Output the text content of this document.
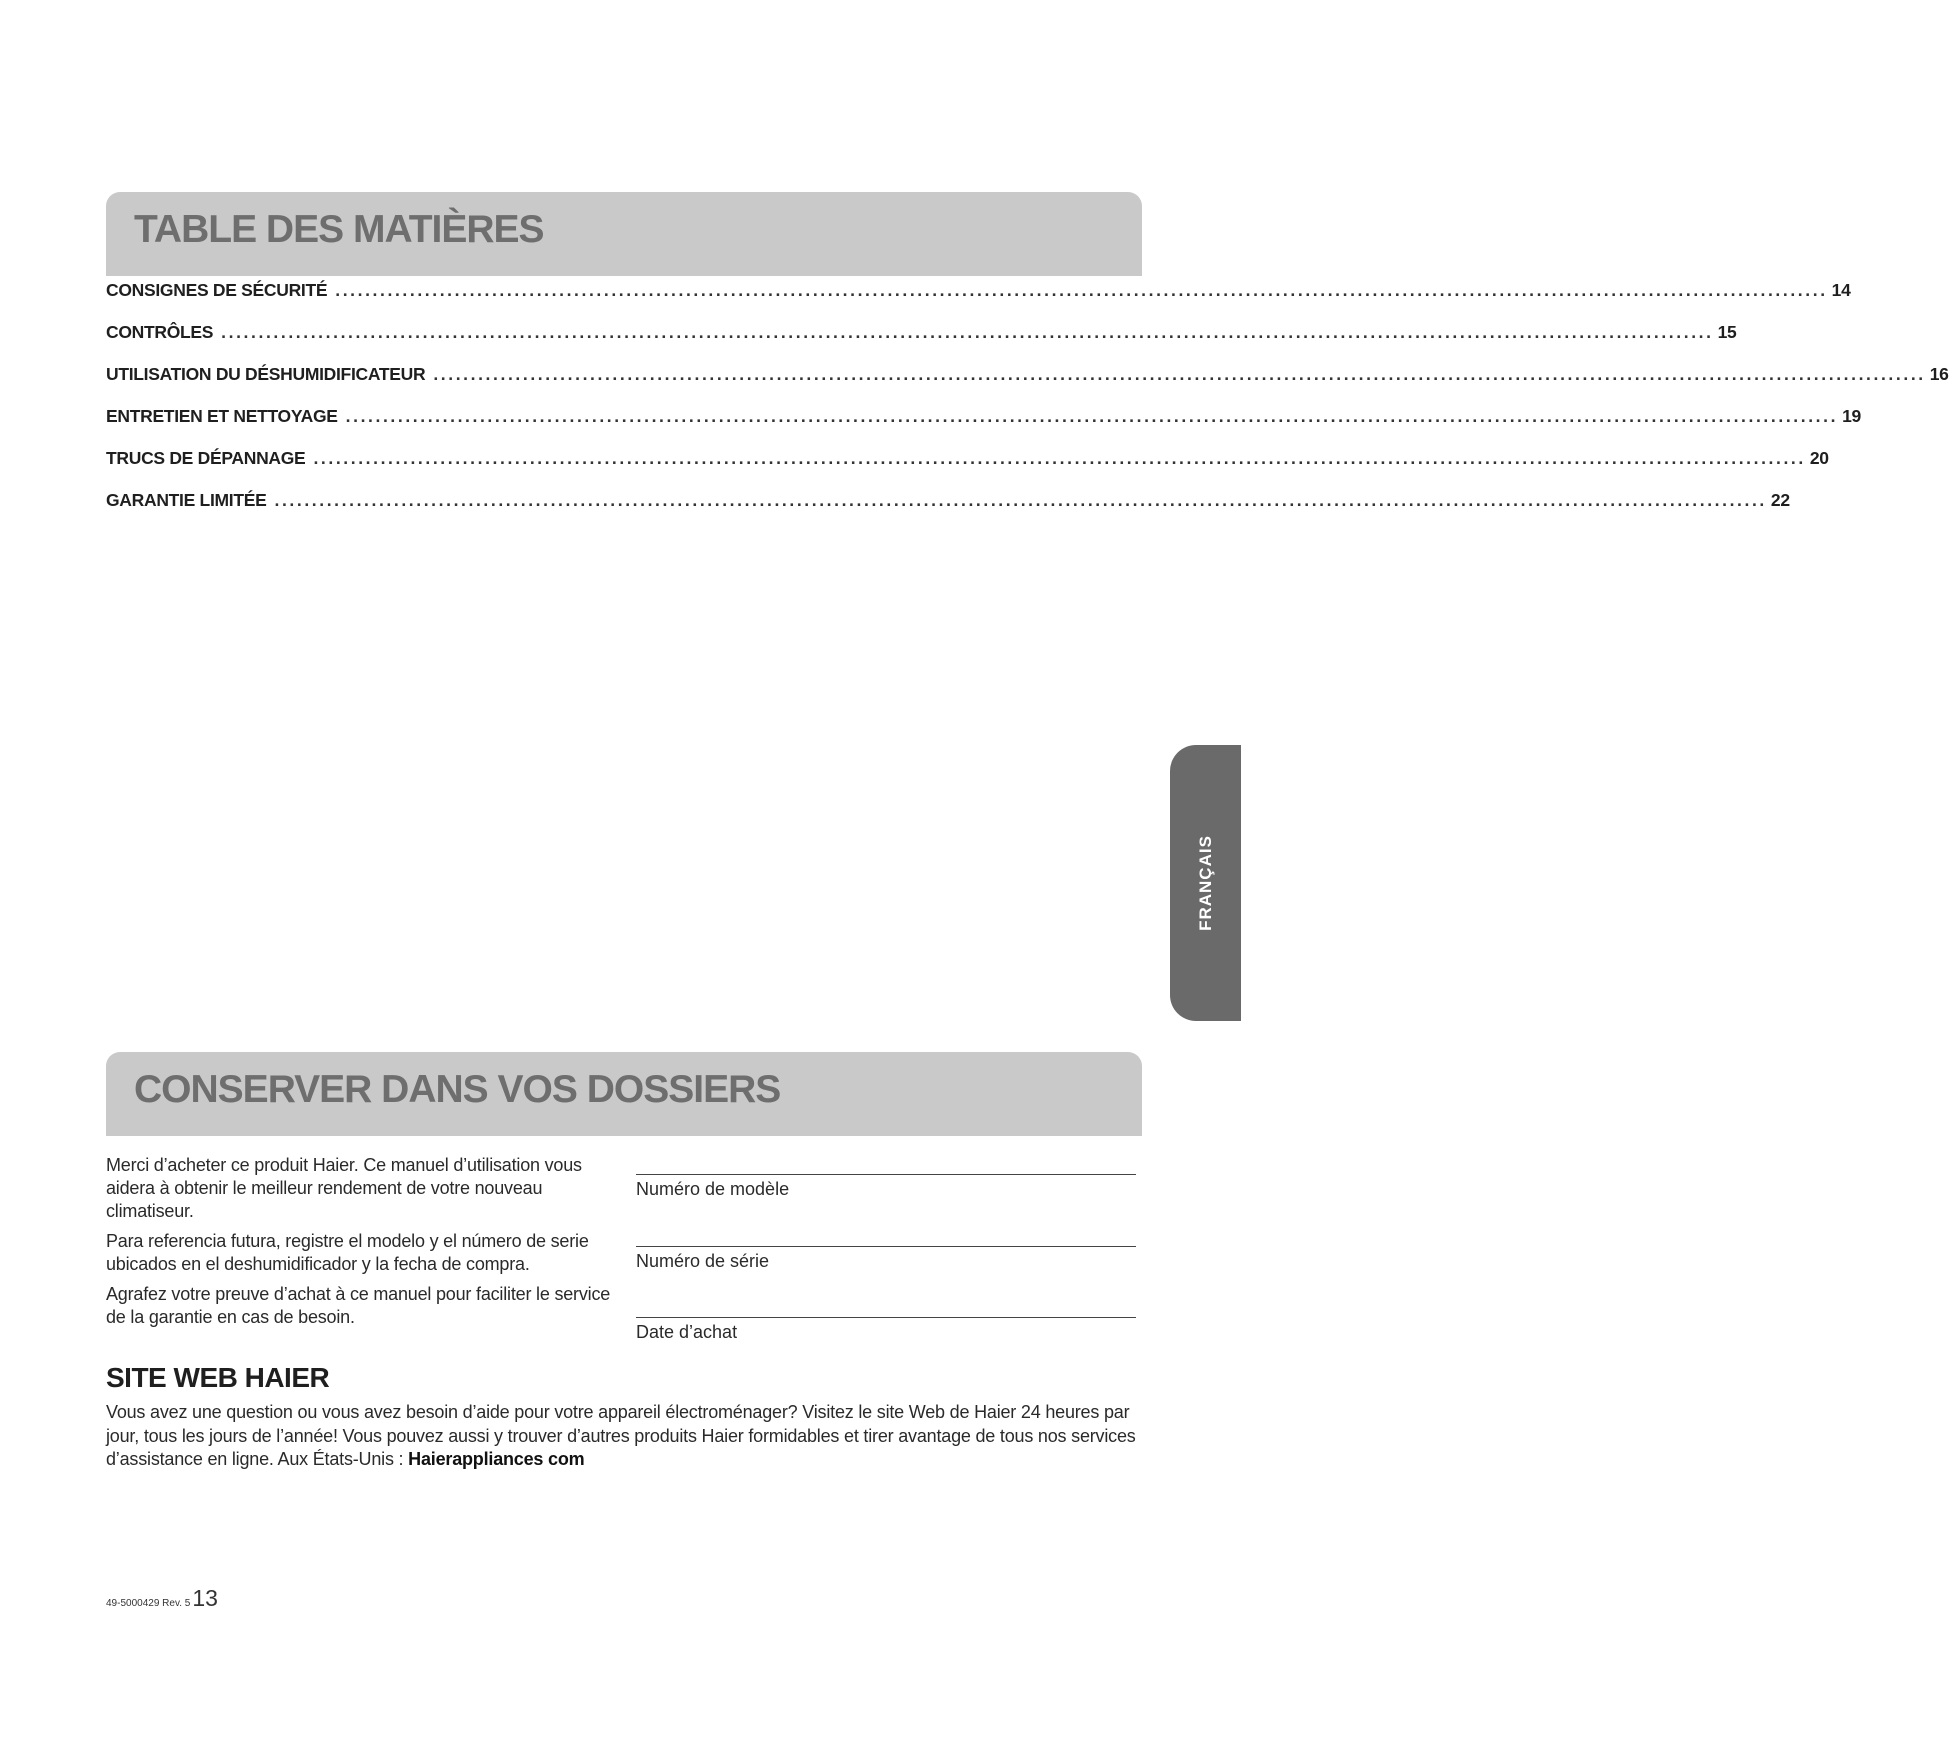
TABLE DES MATIÈRES
CONSIGNES DE SÉCURITÉ ........................................................................................................................................................................................................ 14
CONTRÔLES ........................................................................................................................................................................................................ 15
UTILISATION DU DÉSHUMIDIFICATEUR ........................................................................................................................................................................................................ 16
ENTRETIEN ET NETTOYAGE ........................................................................................................................................................................................................ 19
TRUCS DE DÉPANNAGE ........................................................................................................................................................................................................ 20
GARANTIE LIMITÉE ........................................................................................................................................................................................................ 22
FRANÇAIS
CONSERVER DANS VOS DOSSIERS

Merci d’acheter ce produit Haier. Ce manuel d’utilisation vous aidera à obtenir le meilleur rendement de votre nouveau climatiseur.

Para referencia futura, registre el modelo y el número de serie ubicados en el deshumidificador y la fecha de compra.

Agrafez votre preuve d’achat à ce manuel pour faciliter le service de la garantie en cas de besoin.

Numéro de modèle
Numéro de série
Date d’achat
SITE WEB HAIER
Vous avez une question ou vous avez besoin d’aide pour votre appareil électroménager? Visitez le site Web de Haier 24 heures par jour, tous les jours de l’année! Vous pouvez aussi y trouver d’autres produits Haier formidables et tirer avantage de tous nos services d’assistance en ligne. Aux États-Unis : Haierappliances com
49-5000429 Rev. 513
